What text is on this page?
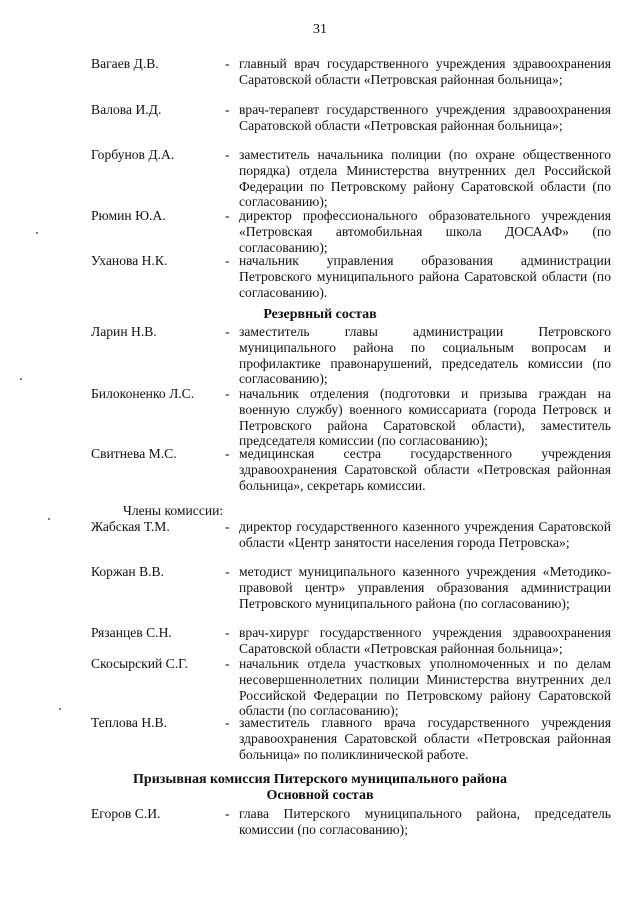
31
Вагаев Д.В.	- главный врач государственного учреждения здравоохранения Саратовской области «Петровская районная больница»;
Валова И.Д.	- врач-терапевт государственного учреждения здравоохранения Саратовской области «Петровская районная больница»;
Горбунов Д.А.	- заместитель начальника полиции (по охране общественного порядка) отдела Министерства внутренних дел Российской Федерации по Петровскому району Саратовской области (по согласованию);
Рюмин Ю.А.	- директор профессионального образовательного учреждения «Петровская автомобильная школа ДОСААФ» (по согласованию);
Уханова Н.К.	- начальник управления образования администрации Петровского муниципального района Саратовской области (по согласованию).
Резервный состав
Ларин Н.В.	- заместитель главы администрации Петровского муниципального района по социальным вопросам и профилактике правонарушений, председатель комиссии (по согласованию);
Билоконенко Л.С.	- начальник отделения (подготовки и призыва граждан на военную службу) военного комиссариата (города Петровск и Петровского района Саратовской области), заместитель председателя комиссии (по согласованию);
Свитнева М.С.	- медицинская сестра государственного учреждения здравоохранения Саратовской области «Петровская районная больница», секретарь комиссии.
Члены комиссии:
Жабская Т.М.	- директор государственного казенного учреждения Саратовской области «Центр занятости населения города Петровска»;
Коржан В.В.	- методист муниципального казенного учреждения «Методико-правовой центр» управления образования администрации Петровского муниципального района (по согласованию);
Рязанцев С.Н.	- врач-хирург государственного учреждения здравоохранения Саратовской области «Петровская районная больница»;
Скосырский С.Г.	- начальник отдела участковых уполномоченных и по делам несовершеннолетних полиции Министерства внутренних дел Российской Федерации по Петровскому району Саратовской области (по согласованию);
Теплова Н.В.	- заместитель главного врача государственного учреждения здравоохранения Саратовской области «Петровская районная больница» по поликлинической работе.
Призывная комиссия Питерского муниципального района
Основной состав
Егоров С.И.	- глава Питерского муниципального района, председатель комиссии (по согласованию);
